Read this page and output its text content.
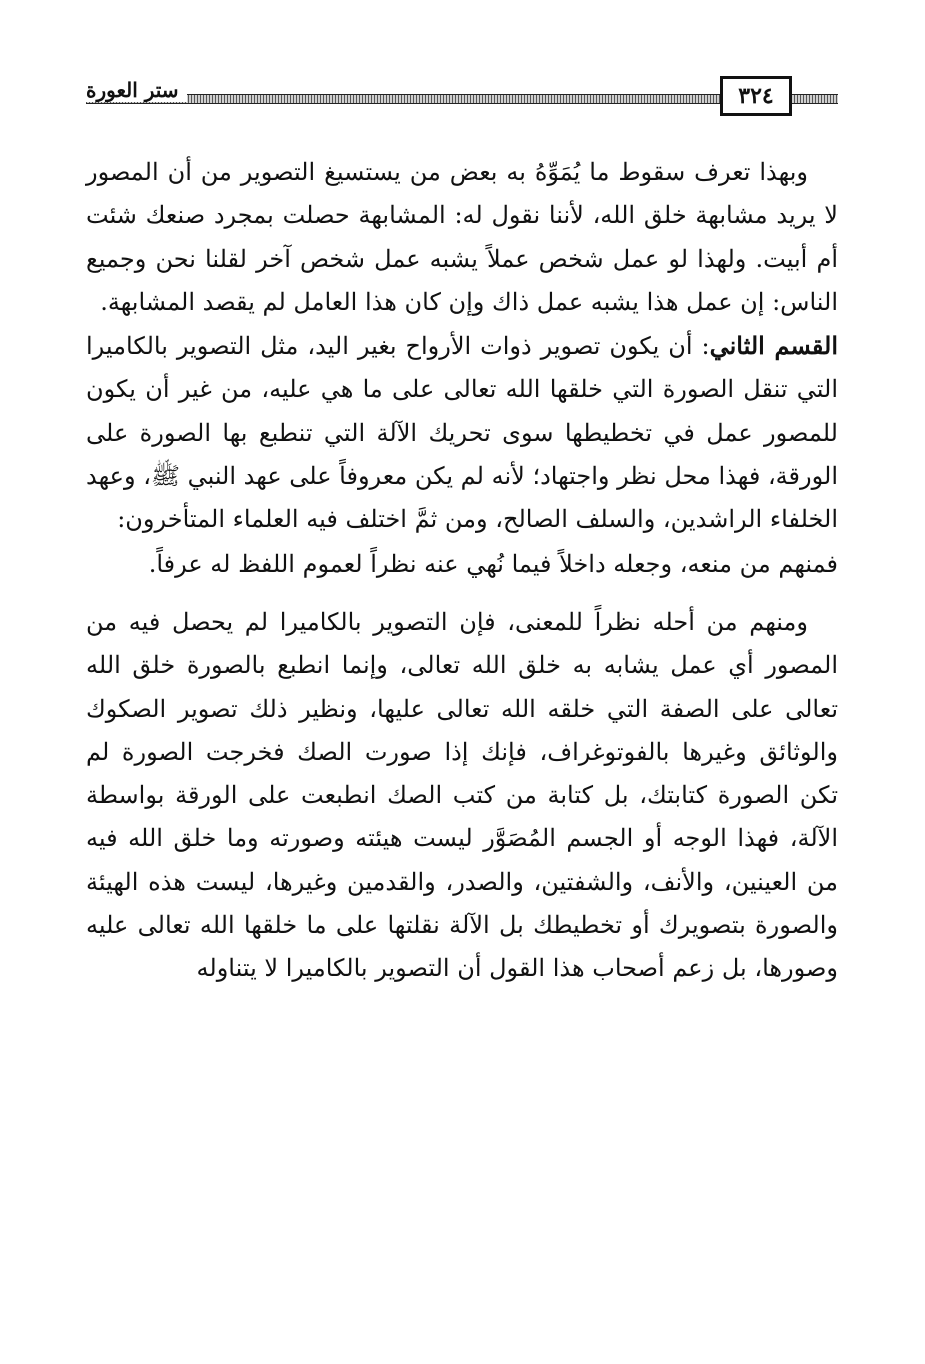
ستر العورة	٣٢٤

وبهذا تعرف سقوط ما يُمَوِّهُ به بعض من يستسيغ التصوير من أن المصور لا يريد مشابهة خلق الله، لأننا نقول له: المشابهة حصلت بمجرد صنعك شئت أم أبيت. ولهذا لو عمل شخص عملاً يشبه عمل شخص آخر لقلنا نحن وجميع الناس: إن عمل هذا يشبه عمل ذاك وإن كان هذا العامل لم يقصد المشابهة.

القسم الثاني: أن يكون تصوير ذوات الأرواح بغير اليد، مثل التصوير بالكاميرا التي تنقل الصورة التي خلقها الله تعالى على ما هي عليه، من غير أن يكون للمصور عمل في تخطيطها سوى تحريك الآلة التي تنطبع بها الصورة على الورقة، فهذا محل نظر واجتهاد؛ لأنه لم يكن معروفاً على عهد النبي ﷺ، وعهد الخلفاء الراشدين، والسلف الصالح، ومن ثمَّ اختلف فيه العلماء المتأخرون:

فمنهم من منعه، وجعله داخلاً فيما نُهي عنه نظراً لعموم اللفظ له عرفاً.

ومنهم من أحله نظراً للمعنى، فإن التصوير بالكاميرا لم يحصل فيه من المصور أي عمل يشابه به خلق الله تعالى، وإنما انطبع بالصورة خلق الله تعالى على الصفة التي خلقه الله تعالى عليها، ونظير ذلك تصوير الصكوك والوثائق وغيرها بالفوتوغراف، فإنك إذا صورت الصك فخرجت الصورة لم تكن الصورة كتابتك، بل كتابة من كتب الصك انطبعت على الورقة بواسطة الآلة، فهذا الوجه أو الجسم المُصَوَّر ليست هيئته وصورته وما خلق الله فيه من العينين، والأنف، والشفتين، والصدر، والقدمين وغيرها، ليست هذه الهيئة والصورة بتصويرك أو تخطيطك بل الآلة نقلتها على ما خلقها الله تعالى عليه وصورها، بل زعم أصحاب هذا القول أن التصوير بالكاميرا لا يتناوله
